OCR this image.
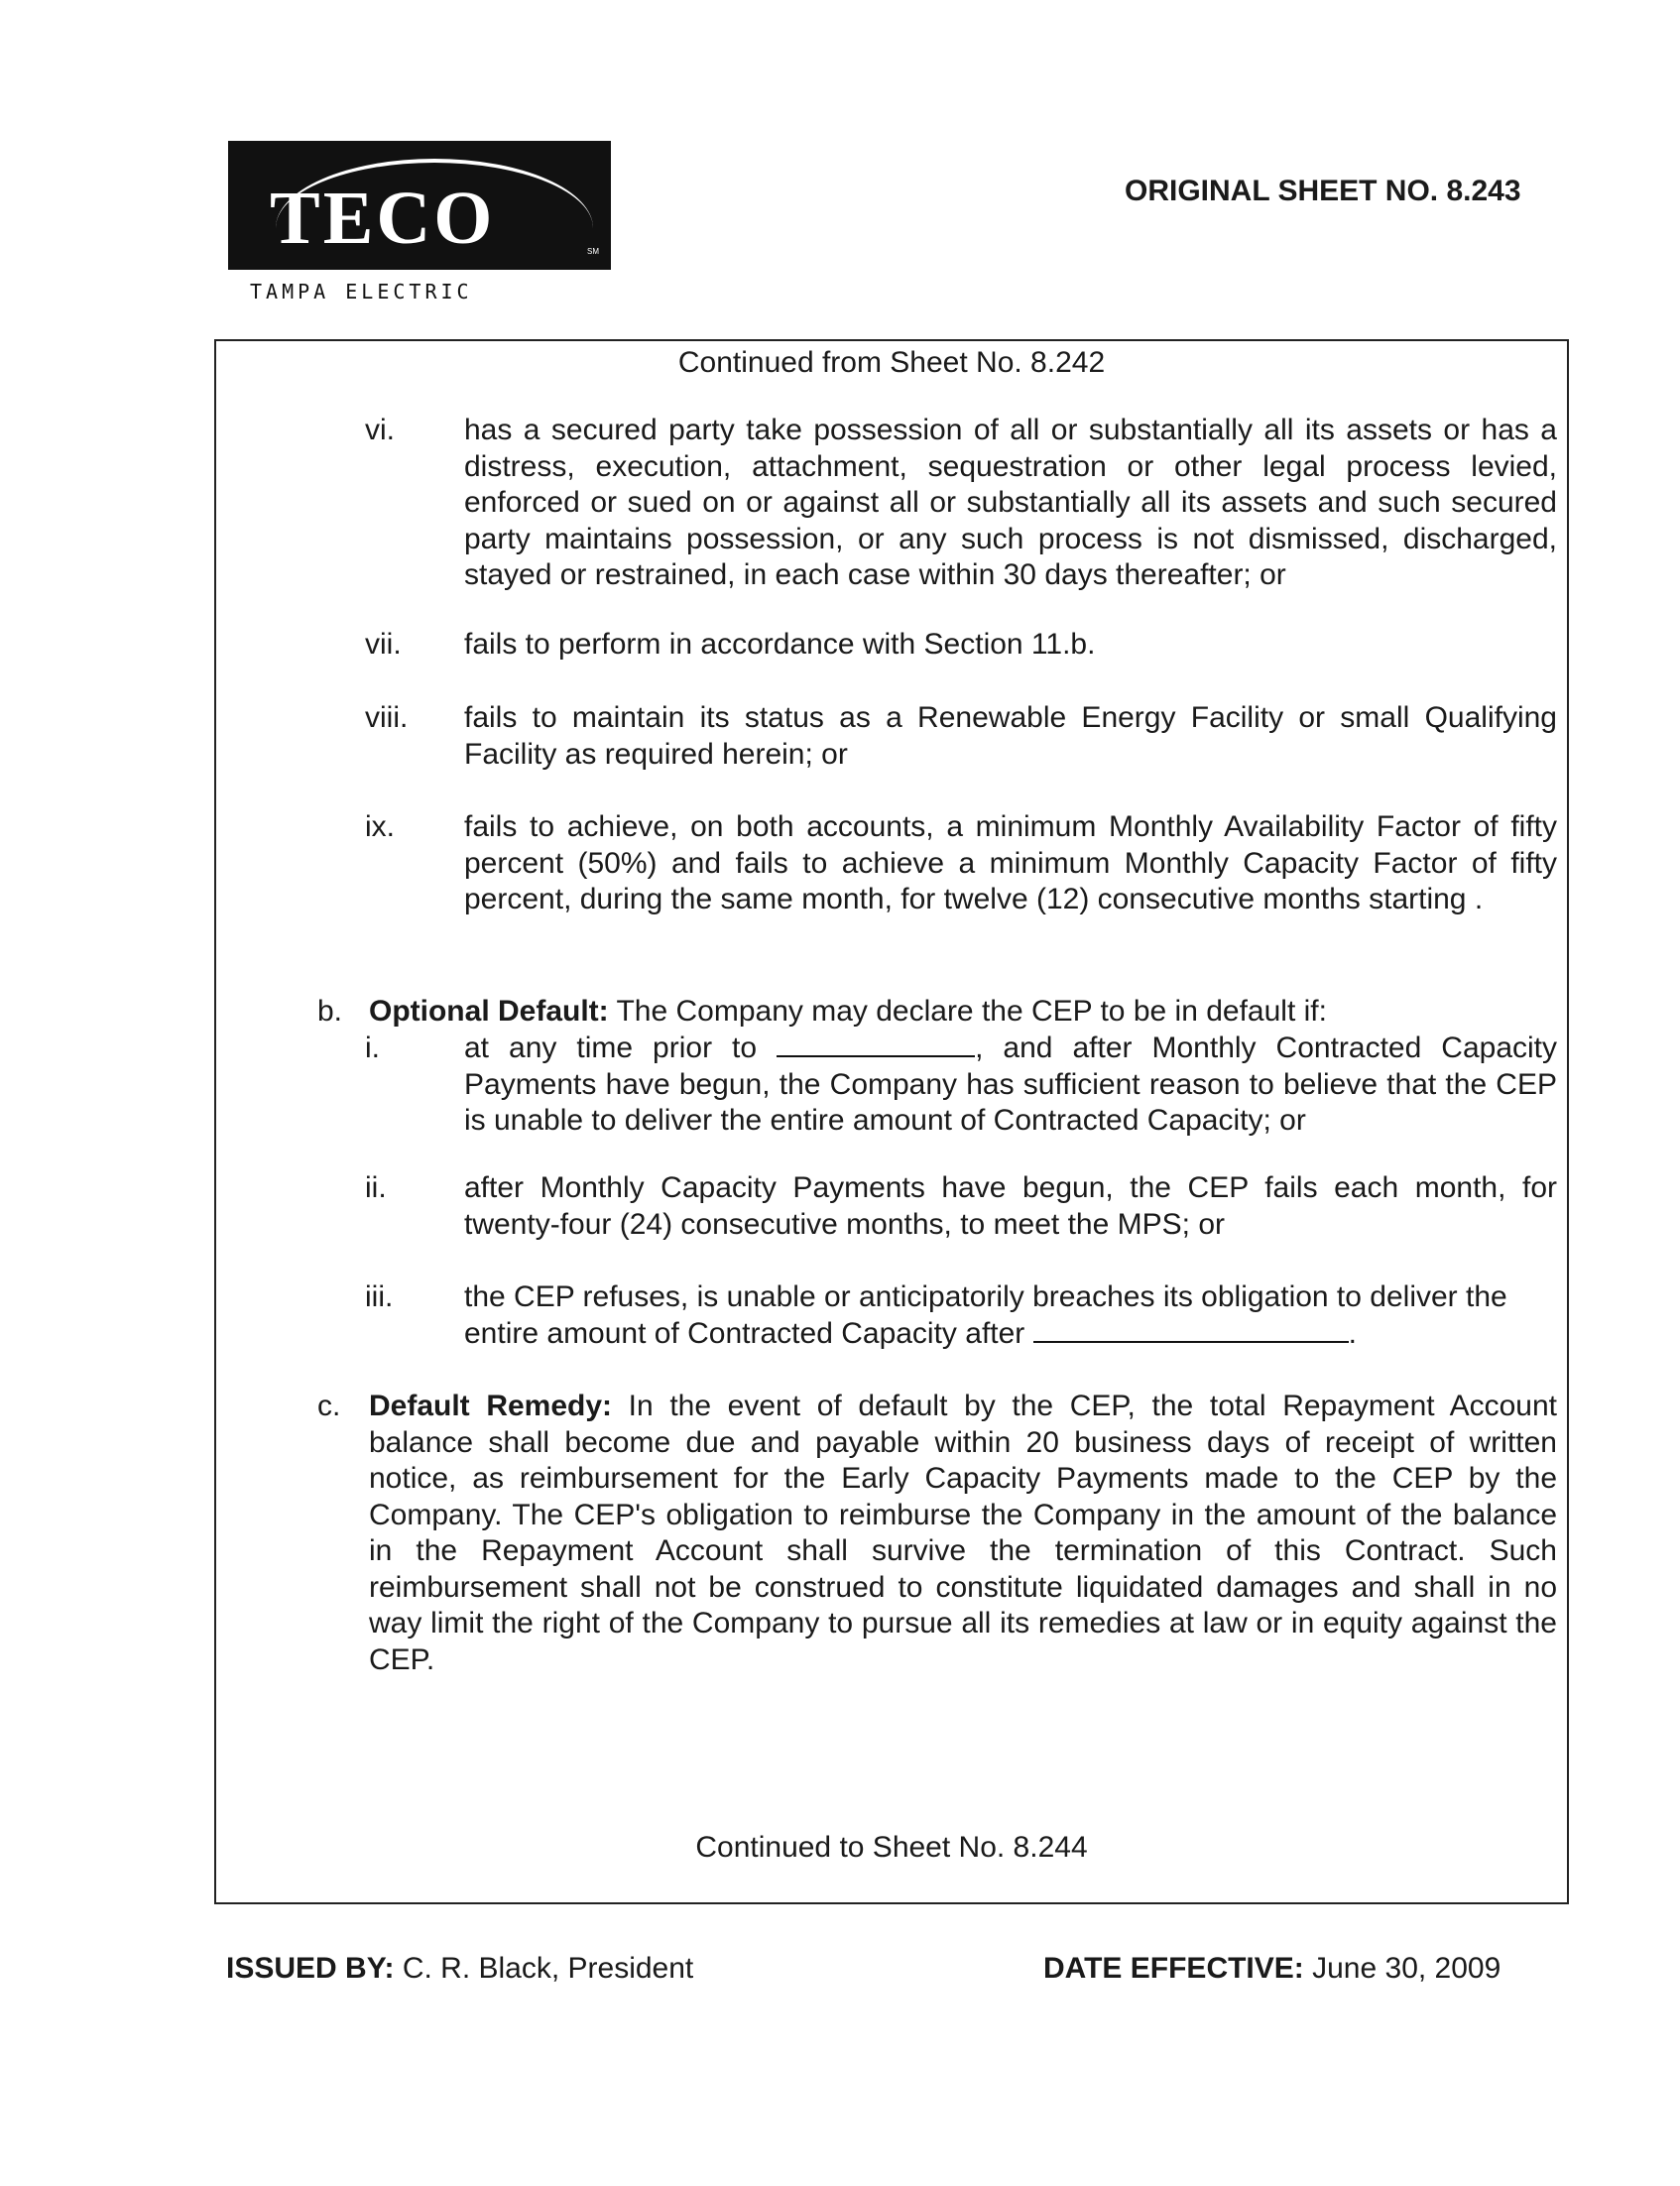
TECO	SM
TAMPA ELECTRIC
ORIGINAL SHEET NO. 8.243
Continued from Sheet No. 8.242
Continued to Sheet No. 8.244
vi. has a secured party take possession of all or substantially all its assets or has a distress, execution, attachment, sequestration or other legal process levied, enforced or sued on or against all or substantially all its assets and such secured party maintains possession, or any such process is not dismissed, discharged, stayed or restrained, in each case within 30 days thereafter; or

vii. fails to perform in accordance with Section 11.b.

viii. fails to maintain its status as a Renewable Energy Facility or small Qualifying Facility as required herein; or

ix. fails to achieve, on both accounts, a minimum Monthly Availability Factor of fifty percent (50%) and fails to achieve a minimum Monthly Capacity Factor of fifty percent, during the same month, for twelve (12) consecutive months starting .

b. Optional Default: The Company may declare the CEP to be in default if:

i.	at any time prior to	, and after Monthly Contracted Capacity Payments have begun, the Company has sufficient reason to believe that the CEP is unable to deliver the entire amount of Contracted Capacity; or

ii.	after Monthly Capacity Payments have begun, the CEP fails each month, for twenty-four (24) consecutive months, to meet the MPS; or

iii. the CEP refuses, is unable or anticipatorily breaches its obligation to deliver the entire amount of Contracted Capacity after	.

c. Default Remedy: In the event of default by the CEP, the total Repayment Account balance shall become due and payable within 20 business days of receipt of written notice, as reimbursement for the Early Capacity Payments made to the CEP by the Company. The CEP's obligation to reimburse the Company in the amount of the balance in the Repayment Account shall survive the termination of this Contract. Such reimbursement shall not be construed to constitute liquidated damages and shall in no way limit the right of the Company to pursue all its remedies at law or in equity against the CEP.

ISSUED BY: C. R. Black, President	DATE EFFECTIVE: June 30, 2009
